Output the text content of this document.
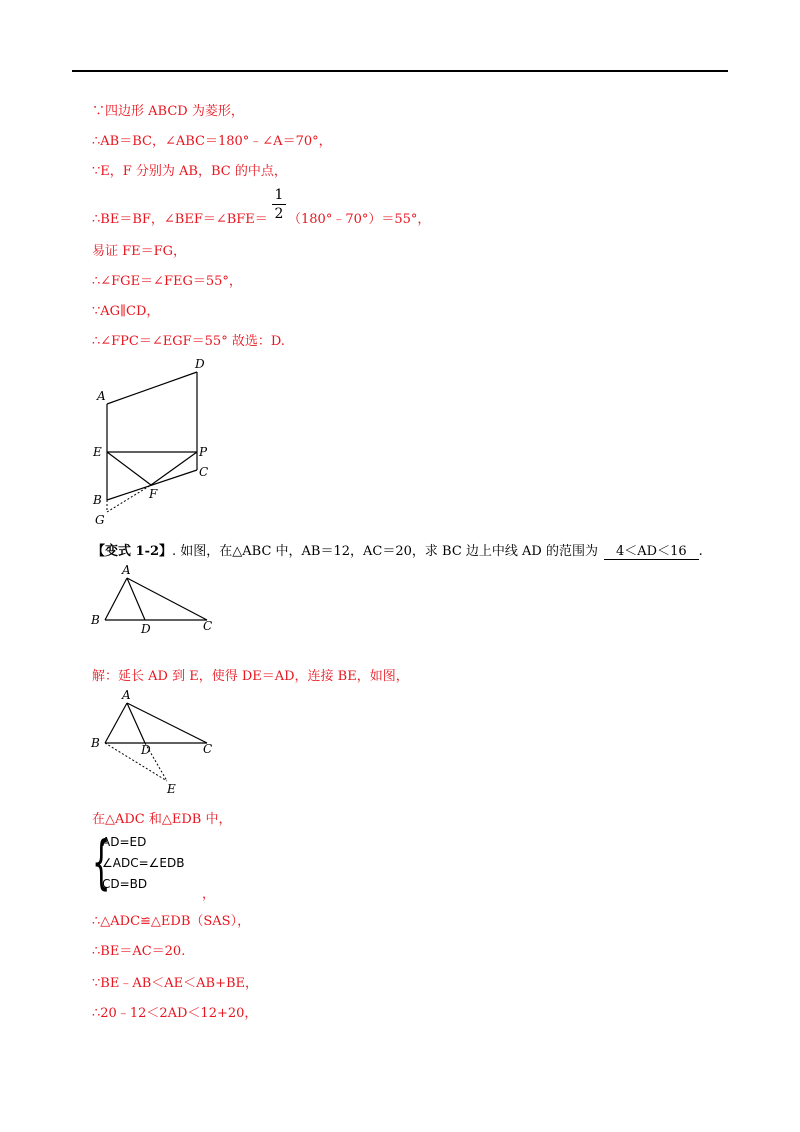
∵四边形 ABCD 为菱形，
∴AB＝BC，∠ABC＝180°﹣∠A＝70°，
∵E，F 分别为 AB，BC 的中点，
∴BE＝BF，∠BEF＝∠BFE＝
1
2 （180°﹣70°）＝55°，
易证 FE＝FG，
∴∠FGE＝∠FEG＝55°，
∵AG∥CD，
∴∠FPC＝∠EGF＝55° 故选：D.
A
D
E	P
C
B	F
G
【变式 1-2】. 如图，在△ABC 中，AB＝12，AC＝20，求 BC 边上中线 AD 的范围为 4＜AD＜16 .
A
B
D	C
解：延长 AD 到 E，使得 DE＝AD，连接 BE，如图，
A
B	D	C
E
在△ADC 和△EDB 中，
{
AD=ED
∠ADC=∠EDB
CD=BD
，
∴△ADC≌△EDB（SAS），
∴BE＝AC＝20.
∵BE﹣AB＜AE＜AB+BE，
∴20﹣12＜2AD＜12+20，
